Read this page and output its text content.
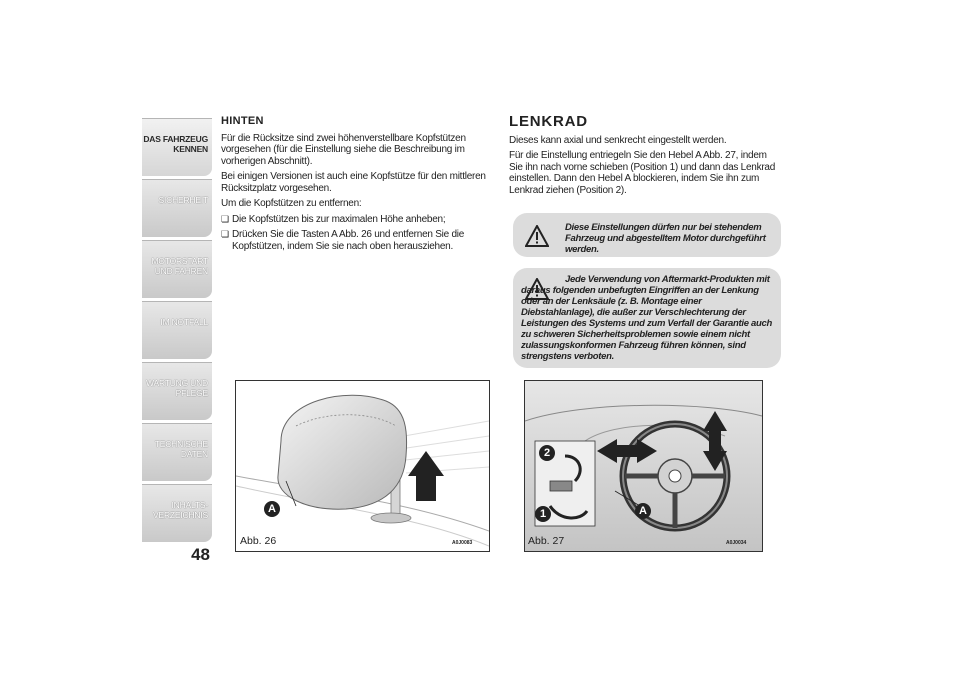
DAS FAHRZEUG KENNEN
SICHERHEIT
MOTORSTART UND FAHREN
IM NOTFALL
WARTUNG UND PFLEGE
TECHNISCHE DATEN
INHALTS- VERZEICHNIS
48
HINTEN

Für die Rücksitze sind zwei höhenverstellbare Kopfstützen vorgesehen (für die Einstellung siehe die Beschreibung im vorherigen Abschnitt).

Bei einigen Versionen ist auch eine Kopfstütze für den mittleren Rücksitzplatz vorgesehen.

Um die Kopfstützen zu entfernen:

❏ Die Kopfstützen bis zur maximalen Höhe anheben;
❏ Drücken Sie die Tasten A Abb. 26 und entfernen Sie die Kopfstützen, indem Sie sie nach oben herausziehen.
A
Abb. 26	A0J0083
LENKRAD

Dieses kann axial und senkrecht eingestellt werden.

Für die Einstellung entriegeln Sie den Hebel A Abb. 27, indem Sie ihn nach vorne schieben (Position 1) und dann das Lenkrad einstellen. Dann den Hebel A blockieren, indem Sie ihn zum Lenkrad ziehen (Position 2).

Diese Einstellungen dürfen nur bei stehendem Fahrzeug und abgestelltem Motor durchgeführt werden.
Jede Verwendung von Aftermarkt-Produkten mit daraus folgenden unbefugten Eingriffen an der Lenkung oder an der Lenksäule (z. B. Montage einer Diebstahlanlage), die außer zur Verschlechterung der Leistungen des Systems und zum Verfall der Garantie auch zu schweren Sicherheitsproblemen sowie einem nicht zulassungskonformen Fahrzeug führen können, sind strengstens verboten.
2
1	A
Abb. 27	A0J0034
